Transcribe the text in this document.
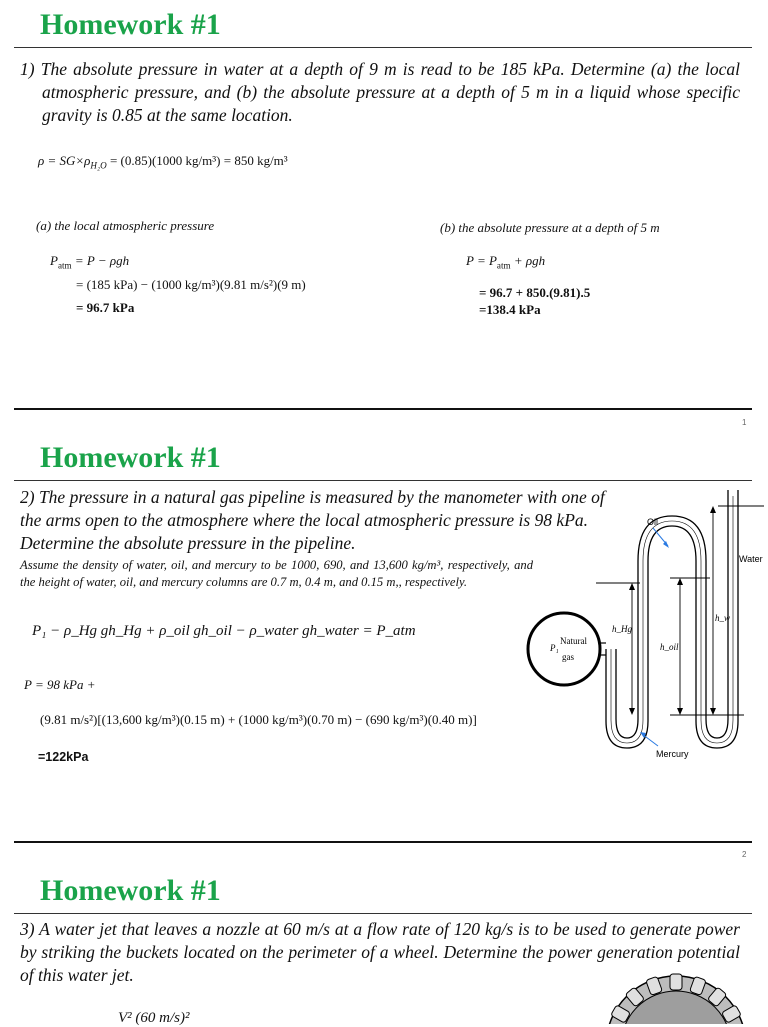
Homework #1
1) The absolute pressure in water at a depth of 9 m is read to be 185 kPa. Determine (a) the local atmospheric pressure, and (b) the absolute pressure at a depth of 5 m in a liquid whose specific gravity is 0.85 at the same location.
$\rho = SG\times\rho_{H_2O} = (0.85)(1000$ kg/m³) = 850 kg/m³
(a) the local atmospheric pressure	(b) the absolute pressure at a depth of 5 m
$P_{atm} = P - \rho gh$
= (185 kPa) − (1000 kg/m³)(9.81 m/s²)(9 m)
= 96.7 kPa
$P = P_{atm} + \rho gh$
= 96.7 + 850.(9.81).5
=138.4 kPa
1
Homework #1
2) The pressure in a natural gas pipeline is measured by the manometer with one of the arms open to the atmosphere where the local atmospheric pressure is 98 kPa. Determine the absolute pressure in the pipeline.
Assume the density of water, oil, and mercury to be 1000, 690, and 13,600 kg/m³, respectively, and the height of water, oil, and mercury columns are 0.7 m, 0.4 m, and 0.15 m,, respectively.
P₁ − ρ_Hg gh_Hg + ρ_oil gh_oil − ρ_water gh_water = P_atm
P = 98 kPa +
(9.81 m/s²)[(13,600 kg/m³)(0.15 m) + (1000 kg/m³)(0.70 m) − (690 kg/m³)(0.40 m)]
=122kPa
P₁
Natural
gas
h_Hg
h_oil
h_w
Oil
Water
Mercury
2
Homework #1
3) A water jet that leaves a nozzle at 60 m/s at a flow rate of 120 kg/s is to be used to generate power by striking the buckets located on the perimeter of a wheel. Determine the power generation potential of this water jet.
V² (60 m/s)²
